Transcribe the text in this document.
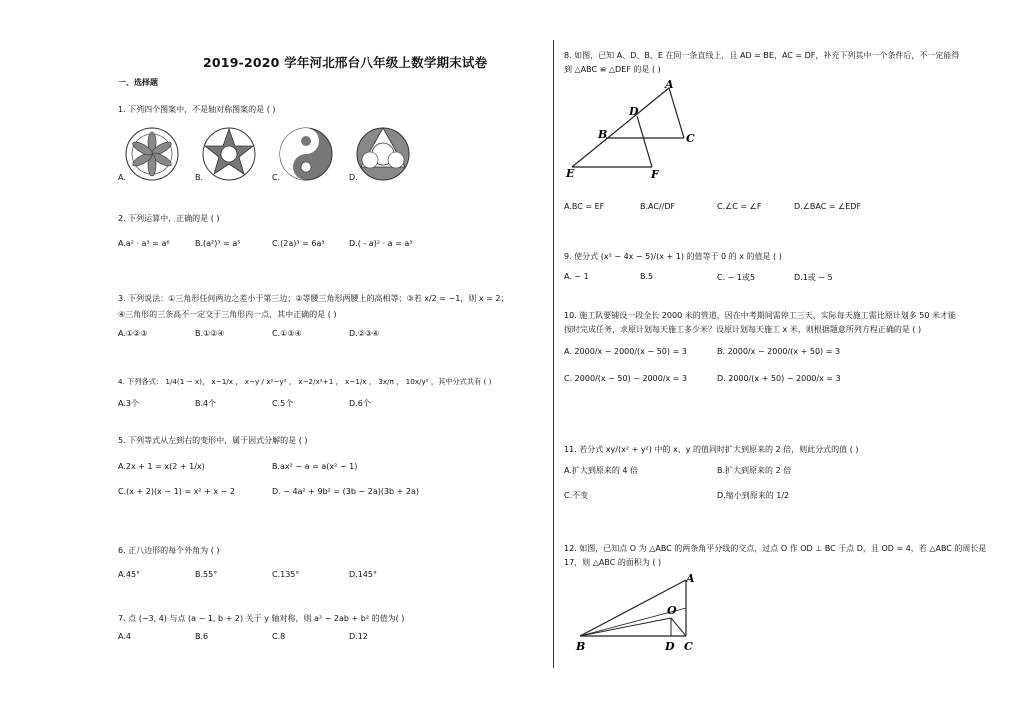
2019-2020 学年河北邢台八年级上数学期末试卷
一、选择题
1. 下列四个图案中，不是轴对称图案的是 ( )
A.	B.	C.	D.
2. 下列运算中，正确的是 ( )
A.a² · a³ = a⁶	B.(a²)³ = a⁵	C.(2a)³ = 6a³	D.( - a)² · a = a³
3. 下列说法：①三角形任何两边之差小于第三边；②等腰三角形两腰上的高相等；③若 x/2 = −1，则 x = 2；
④三角形的三条高不一定交于三角形内一点，其中正确的是 ( )
A.①②③	B.①②④	C.①③④	D.②③④
4. 下列各式： 1/4(1 − x)， x−1/x ， x−y / x²−y² ， x−2/x²+1 ， x−1/x ， 3x/π ， 10x/y² ，其中分式共有 ( )
A.3个	B.4个	C.5个	D.6个
5. 下列等式从左到右的变形中，属于因式分解的是 ( )
A.2x + 1 = x(2 + 1/x)	B.ax² − a = a(x² − 1)
C.(x + 2)(x − 1) = x² + x − 2	D. − 4a² + 9b² = (3b − 2a)(3b + 2a)
6. 正八边形的每个外角为 ( )
A.45°	B.55°	C.135°	D.145°
7. 点 (−3, 4) 与点 (a − 1, b + 2) 关于 y 轴对称，则 a² − 2ab + b² 的值为( )
A.4	B.6	C.8	D.12
8. 如图，已知 A、D、B、E 在同一条直线上，且 AD = BE，AC = DF，补充下列其中一个条件后，不一定能得
到 △ABC ≌ △DEF 的是 ( )
A
D
B	C
E	F
A.BC = EF	B.AC//DF	C.∠C = ∠F	D.∠BAC = ∠EDF
9. 使分式 (x² − 4x − 5)/(x + 1) 的值等于 0 的 x 的值是 ( )
A. − 1	B.5	C. − 1或5	D.1或 − 5
10. 施工队要铺设一段全长 2000 米的管道，因在中考期间需停工三天，实际每天施工需比原计划多 50 米才能
按时完成任务，求原计划每天施工多少米？设原计划每天施工 x 米，则根据题意所列方程正确的是 ( )
A. 2000/x − 2000/(x − 50) = 3	B. 2000/x − 2000/(x + 50) = 3
C. 2000/(x − 50) − 2000/x = 3	D. 2000/(x + 50) − 2000/x = 3
11. 若分式 xy/(x² + y²) 中的 x、y 的值同时扩大到原来的 2 倍，则此分式的值 ( )
A.扩大到原来的 4 倍	B.扩大到原来的 2 倍
C.不变	D.缩小到原来的 1/2
12. 如图，已知点 O 为 △ABC 的两条角平分线的交点，过点 O 作 OD ⊥ BC 于点 D，且 OD = 4，若 △ABC 的周长是
17，则 △ABC 的面积为 ( )
A
O
B	D C
